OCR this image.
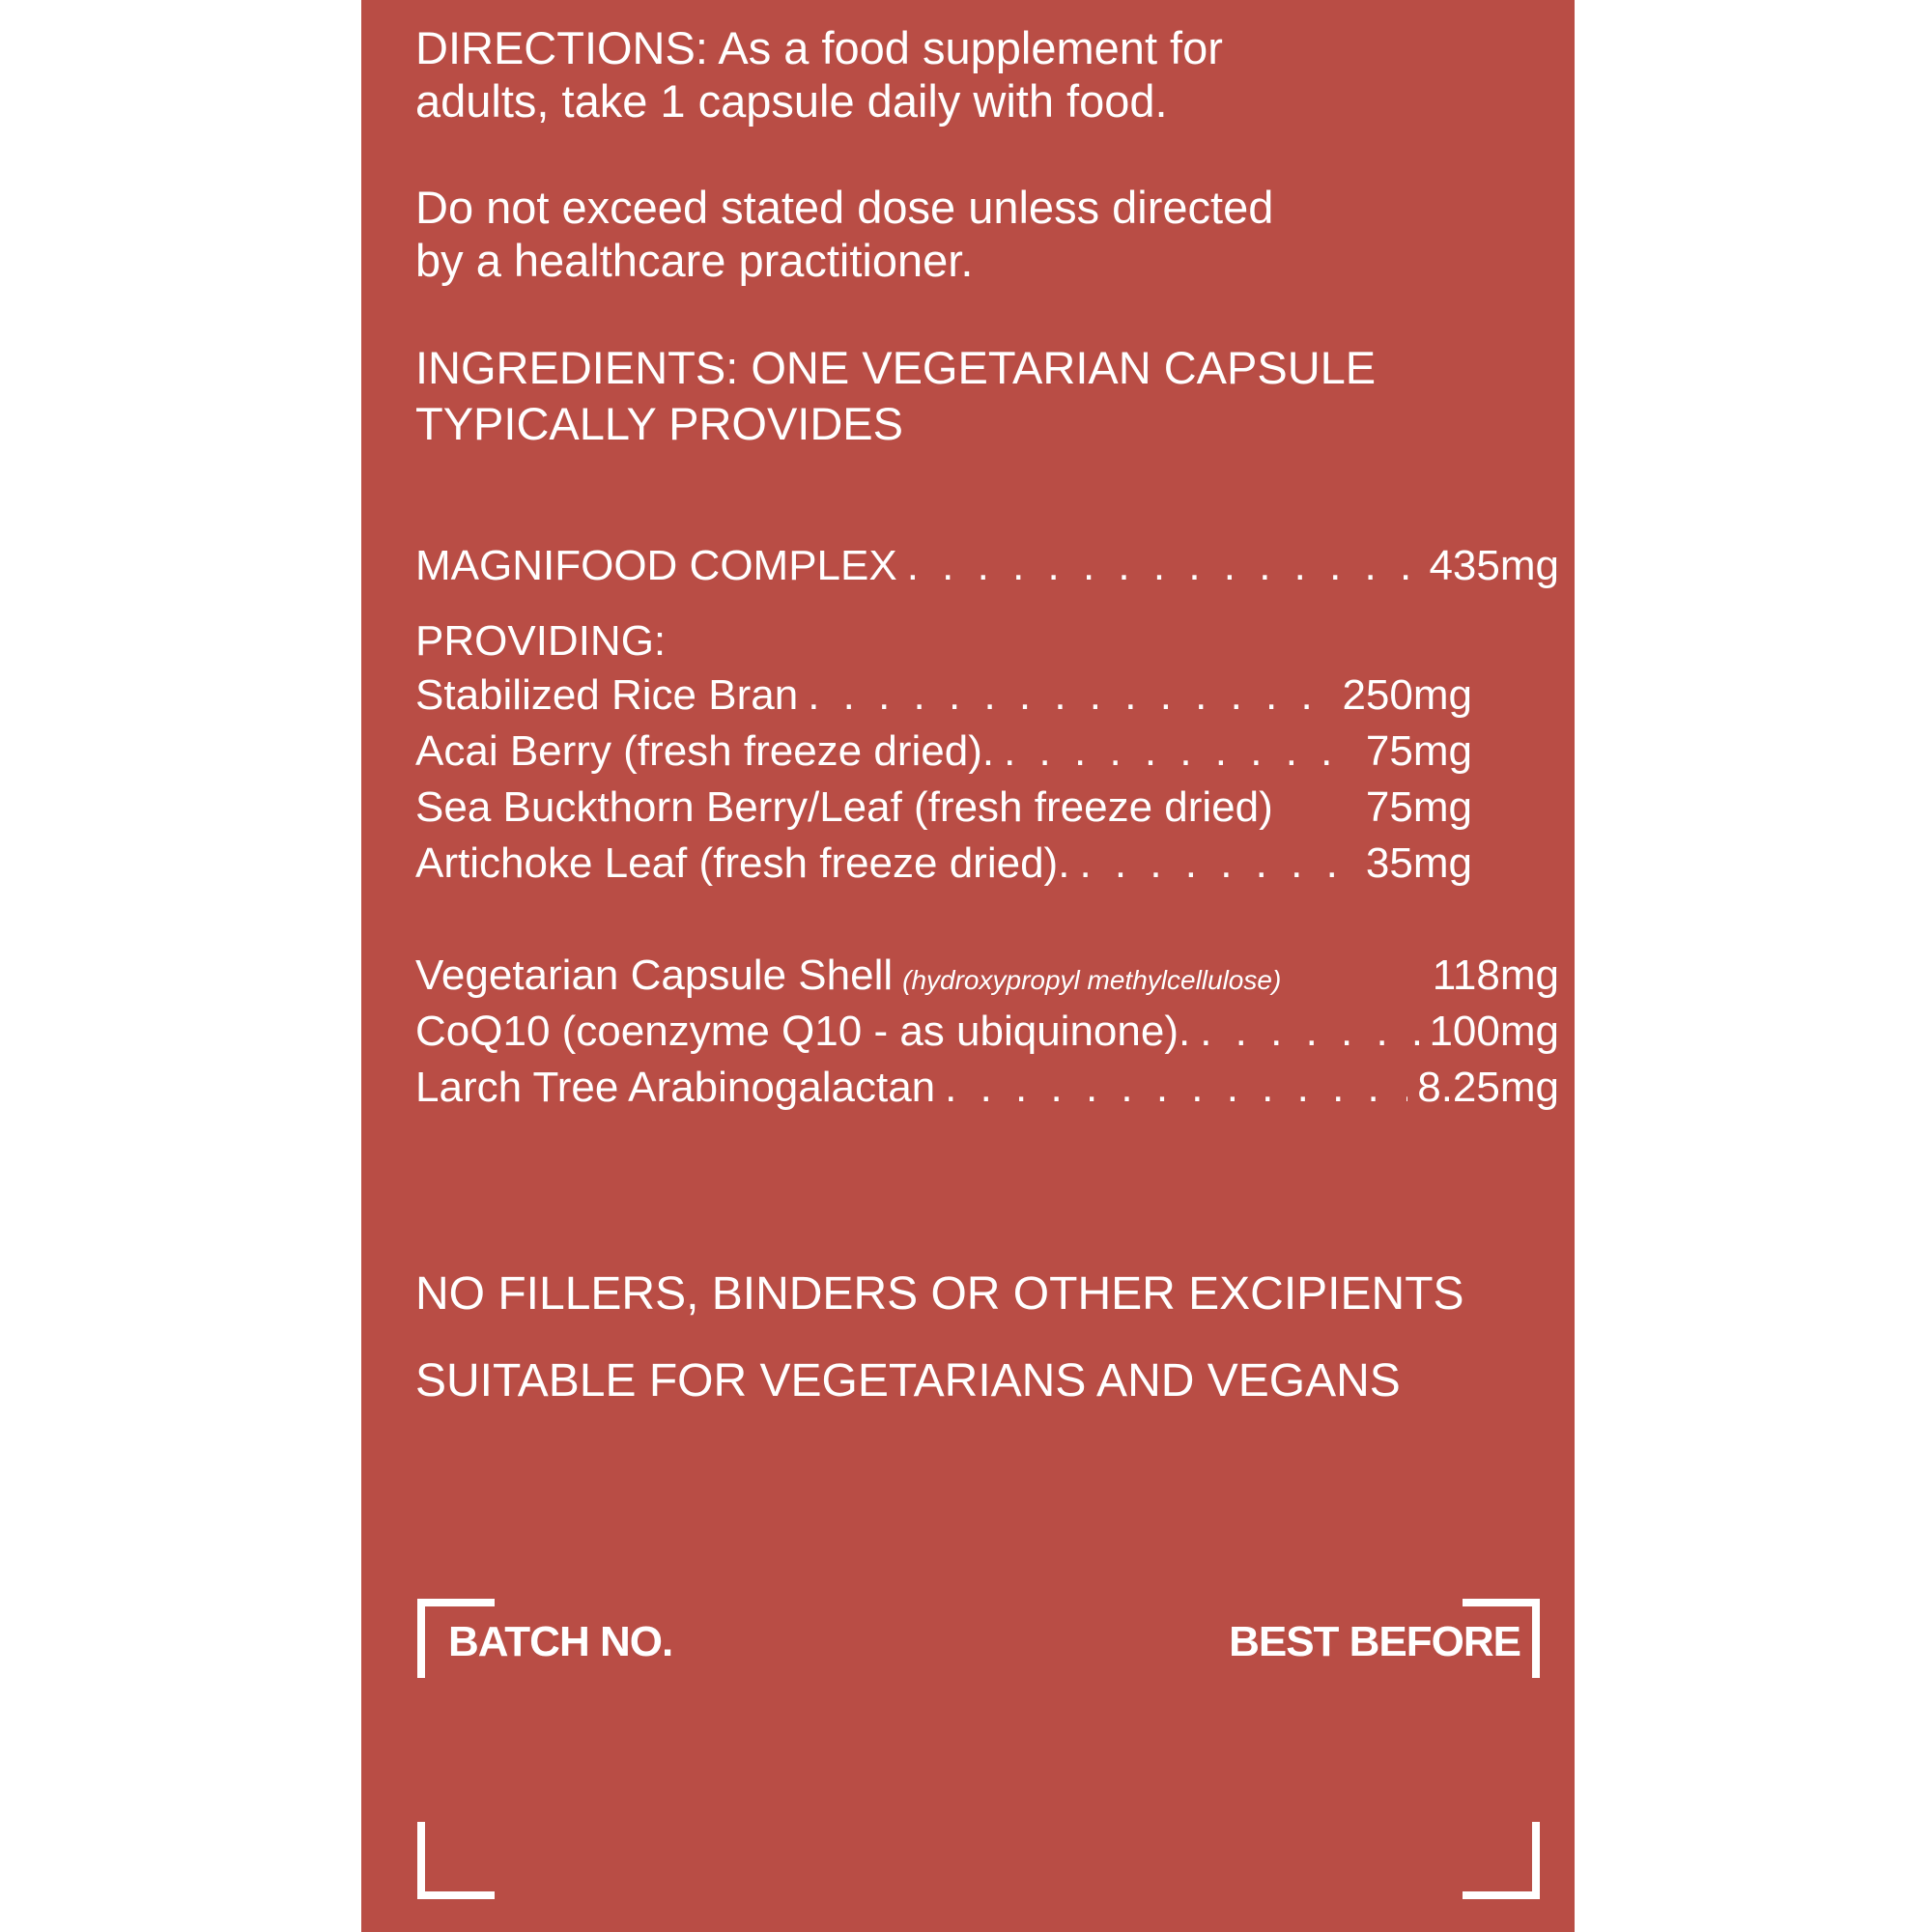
DIRECTIONS: As a food supplement for
adults, take 1 capsule daily with food.

Do not exceed stated dose unless directed
by a healthcare practitioner.

INGREDIENTS: ONE VEGETARIAN CAPSULE
TYPICALLY PROVIDES

MAGNIFOOD COMPLEX . . .	435mg
PROVIDING:
Stabilized Rice Bran . . .	250mg
Acai Berry (fresh freeze dried). . . .	75mg
Sea Buckthorn Berry/Leaf (fresh freeze dried) 75mg
Artichoke Leaf (fresh freeze dried). . . .	35mg
Vegetarian Capsule Shell (hydroxypropyl methylcellulose)	118mg
CoQ10 (coenzyme Q10 - as ubiquinone). . . .	100mg
Larch Tree Arabinogalactan . . .	8.25mg
NO FILLERS, BINDERS OR OTHER EXCIPIENTS
SUITABLE FOR VEGETARIANS AND VEGANS
BATCH NO.	BEST BEFORE
